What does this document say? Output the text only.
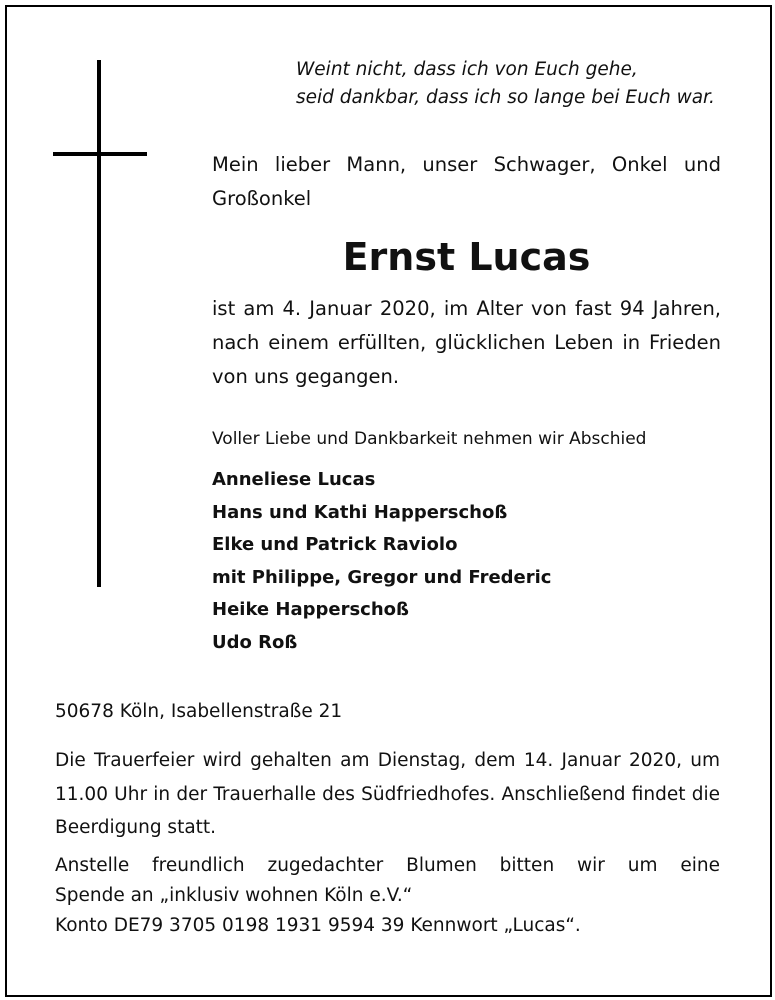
Weint nicht, dass ich von Euch gehe,
seid dankbar, dass ich so lange bei Euch war.
Mein lieber Mann, unser Schwager, Onkel und Großonkel
Ernst Lucas
ist am 4. Januar 2020, im Alter von fast 94 Jahren, nach einem erfüllten, glücklichen Leben in Frieden von uns gegangen.
Voller Liebe und Dankbarkeit nehmen wir Abschied
Anneliese Lucas
Hans und Kathi Happerschoß
Elke und Patrick Raviolo
mit Philippe, Gregor und Frederic
Heike Happerschoß
Udo Roß
50678 Köln, Isabellenstraße 21
Die Trauerfeier wird gehalten am Dienstag, dem 14. Januar 2020, um 11.00 Uhr in der Trauerhalle des Südfriedhofes. Anschließend findet die Beerdigung statt.
Anstelle freundlich zugedachter Blumen bitten wir um eine
Spende an „inklusiv wohnen Köln e.V.“
Konto DE79 3705 0198 1931 9594 39 Kennwort „Lucas“.
